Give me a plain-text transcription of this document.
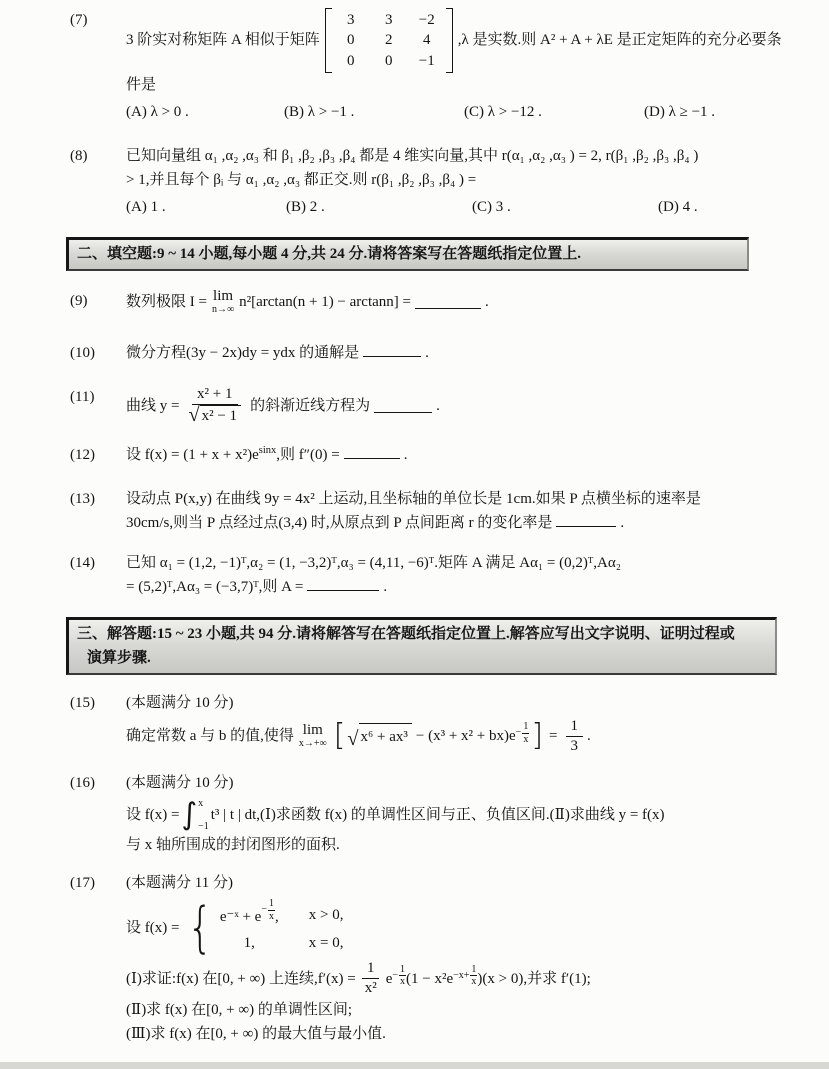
(7)
3 阶实对称矩阵 A 相似于矩阵
3 3 −2
0 2 4
0 0 −1
,λ 是实数.则 A² + A + λE 是正定矩阵的充分必要条
件是
(A) λ > 0 .	(B) λ > −1 .	(C) λ > −12 .	(D) λ ≥ −1 .
(8)	已知向量组 α₁ ,α₂ ,α₃ 和 β₁ ,β₂ ,β₃ ,β₄ 都是 4 维实向量,其中 r(α₁ ,α₂ ,α₃ ) = 2, r(β₁ ,β₂ ,β₃ ,β₄ )
> 1,并且每个 βᵢ 与 α₁ ,α₂ ,α₃ 都正交.则 r(β₁ ,β₂ ,β₃ ,β₄ ) =
(A) 1 .	(B) 2 .	(C) 3 .	(D) 4 .
二、填空题:9 ~ 14 小题,每小题 4 分,共 24 分.请将答案写在答题纸指定位置上.
(9)	数列极限 I = lim
n→∞ n²[arctan(n + 1) − arctann] =	.
(10)	微分方程(3y − 2x)dy = ydx 的通解是	.
(11)
曲线 $y = \frac{\text{x² + 1}}{\text{√ x² − 1}}$ 的斜渐近线方程为	.
(12)	设 $f(x) = (1 + x + x^2)e^{sinx}$,则 f″(0) =	.
(13)	设动点 P(x,y) 在曲线 9y = 4x² 上运动,且坐标轴的单位长是 1cm.如果 P 点横坐标的速率是
30cm/s,则当 P 点经过点(3,4) 时,从原点到 P 点间距离 r 的变化率是	.
(14)	已知 α₁ = (1,2, −1)ᵀ,α₂ = (1, −3,2)ᵀ,α₃ = (4,11, −6)ᵀ.矩阵 A 满足 Aα₁ = (0,2)ᵀ,Aα₂
= (5,2)ᵀ,Aα₃ = (−3,7)ᵀ,则 A =	.
三、解答题:15 ~ 23 小题,共 94 分.请将解答写在答题纸指定位置上.解答应写出文字说明、证明过程或
演算步骤.
(15)	(本题满分 10 分)
确定常数 a 与 b 的值,使得 lim
x→+∞ [ √ x⁶ + ax³ − (x³ + x² + bx)e $^{- \frac{1}{x}}$ ] = $\frac{1}{3}$ .
(16)	(本题满分 10 分)
设 f(x) = ∫ x
−1
t³ | t | dt,(Ⅰ)求函数 f(x) 的单调性区间与正、负值区间.(Ⅱ)求曲线 y = f(x)
与 x 轴所围成的封闭图形的面积.
(17)	(本题满分 11 分)
设 f(x) = { e⁻ˣ + e $^{- \frac{1}{x}}$ , x > 0,
1,	x = 0,
(Ⅰ)求证:f(x) 在[0, + ∞) 上连续$,f'(x) = \frac{1}{\text{x²}}$ e $^{- \frac{1}{x}}$ (1 − x²e $^{-x+ \frac{1}{x}}$ )(x > 0),并求 f′(1);
(Ⅱ)求 f(x) 在[0, + ∞) 的单调性区间;
(Ⅲ)求 f(x) 在[0, + ∞) 的最大值与最小值.
